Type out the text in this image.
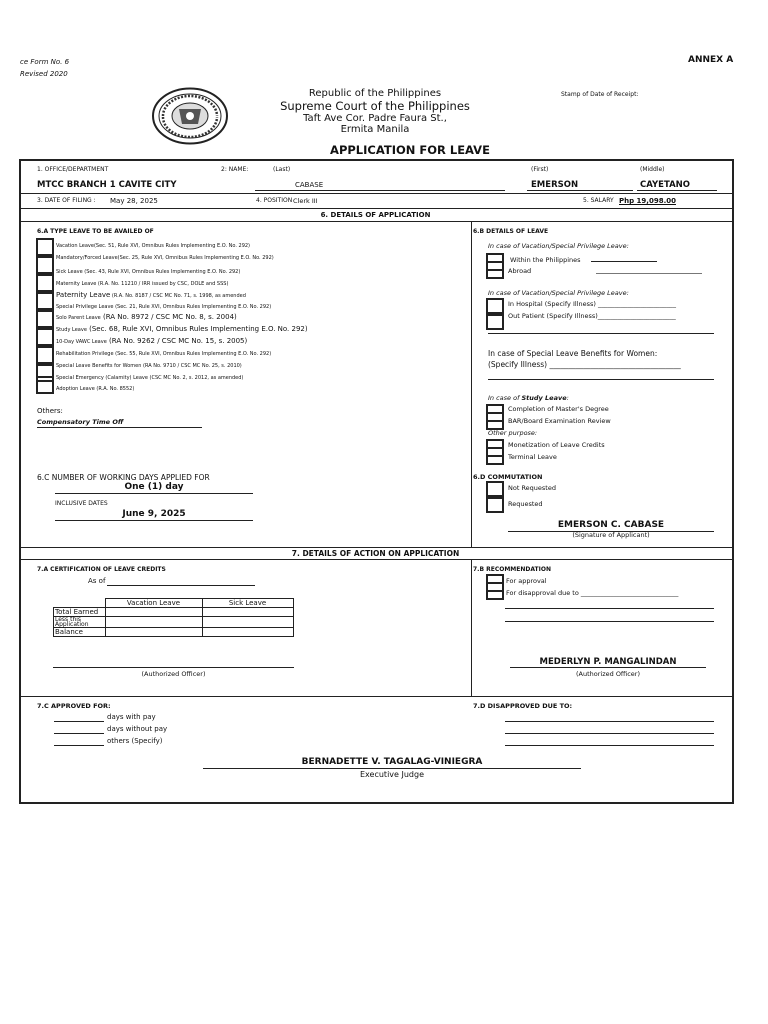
ce Form No. 6
Revised 2020
ANNEX A
Republic of the Philippines
Supreme Court of the Philippines
Taft Ave Cor. Padre Faura St.,
Ermita Manila
Stamp of Date of Receipt:
APPLICATION FOR LEAVE
1. OFFICE/DEPARTMENT	2: NAME:	(Last)	(First)	(Middle)
MTCC BRANCH 1 CAVITE CITY	CABASE	EMERSON	CAYETANO
3. DATE OF FILING : May 28, 2025	4. POSITION Clerk III	5. SALARY Php 19,098.00
6. DETAILS OF APPLICATION
6.A TYPE LEAVE TO BE AVAILED OF
Vacation Leave(Sec. 51, Rule XVI, Omnibus Rules Implementing E.O. No. 292)
Mandatory/Forced Leave(Sec. 25, Rule XVI, Omnibus Rules Implementing E.O. No. 292)
Sick Leave (Sec. 43, Rule XVI, Omnibus Rules Implementing E.O. No. 292)
Maternity Leave (R.A. No. 11210 / IRR issued by CSC, DOLE and SSS)
Paternity Leave (R.A. No. 8187 / CSC MC No. 71, s. 1998, as amended
Special Privilege Leave (Sec. 21, Rule XVI, Omnibus Rules Implementing E.O. No. 292)
Solo Parent Leave (RA No. 8972 / CSC MC No. 8, s. 2004)
Study Leave (Sec. 68, Rule XVI, Omnibus Rules Implementing E.O. No. 292)
10-Day VAWC Leave (RA No. 9262 / CSC MC No. 15, s. 2005)
Rehabilitation Privilege (Sec. 55, Rule XVI, Omnibus Rules Implementing E.O. No. 292)
Special Leave Benefits for Women (RA No. 9710 / CSC MC No. 25, s. 2010)
Special Emergency (Calamity) Leave (CSC MC No. 2, s. 2012, as amended)
Adoption Leave (R.A. No. 8552)
Others:
Compensatory Time Off
6.B DETAILS OF LEAVE
In case of Vacation/Special Privilege Leave:
Within the Philippines
Abroad
In case of Vacation/Special Privilege Leave:
In Hospital (Specify Illness) ________________________
Out Patient (Specify Illness)________________________
In case of Special Leave Benefits for Women:
(Specify Illness) ___________________________________
In case of Study Leave:
Completion of Master's Degree
BAR/Board Examination Review
Other purpose:
Monetization of Leave Credits
Terminal Leave
6.C NUMBER OF WORKING DAYS APPLIED FOR
One (1) day
INCLUSIVE DATES
June 9, 2025
6.D COMMUTATION
Not Requested
Requested
EMERSON C. CABASE
(Signature of Applicant)
7. DETAILS OF ACTION ON APPLICATION
7.A CERTIFICATION OF LEAVE CREDITS
As of
	Vacation Leave	Sick Leave
Total Earned		
Less this Application		
Balance		
(Authorized Officer)
7.B RECOMMENDATION
For approval
For disapproval due to ______________________________
MEDERLYN P. MANGALINDAN
(Authorized Officer)
7.C APPROVED FOR:
days with pay
days without pay
others (Specify)
7.D DISAPPROVED DUE TO:
BERNADETTE V. TAGALAG-VINIEGRA
Executive Judge
